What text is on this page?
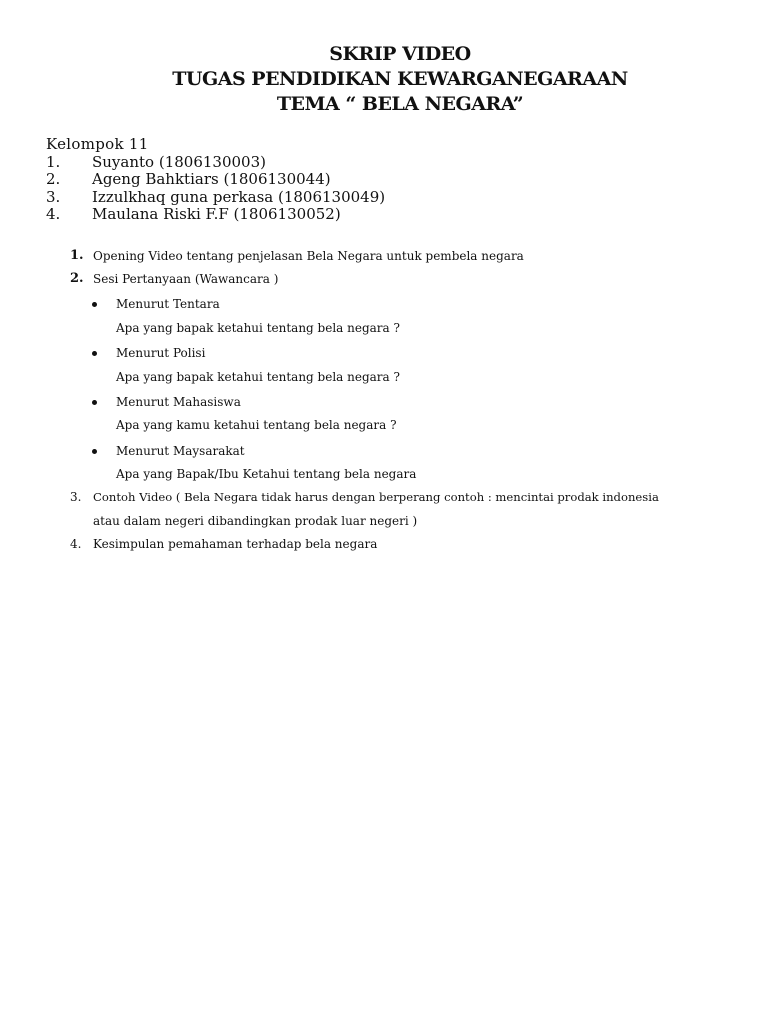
SKRIP VIDEO
TUGAS PENDIDIKAN KEWARGANEGARAAN
TEMA “ BELA NEGARA”
Kelompok 11
1. Suyanto (1806130003)
2. Ageng Bahktiars (1806130044)
3. Izzulkhaq guna perkasa (1806130049)
4. Maulana Riski F.F (1806130052)
1. Opening Video tentang penjelasan Bela Negara untuk pembela negara
2. Sesi Pertanyaan (Wawancara )
Menurut Tentara
Apa yang bapak ketahui tentang bela negara ?
Menurut Polisi
Apa yang bapak ketahui tentang bela negara ?
Menurut Mahasiswa
Apa yang kamu ketahui tentang bela negara ?
Menurut Maysarakat
Apa yang Bapak/Ibu Ketahui tentang bela negara
3. Contoh Video ( Bela Negara tidak harus dengan berperang contoh : mencintai prodak indonesia
atau dalam negeri dibandingkan prodak luar negeri )
4. Kesimpulan pemahaman terhadap bela negara
